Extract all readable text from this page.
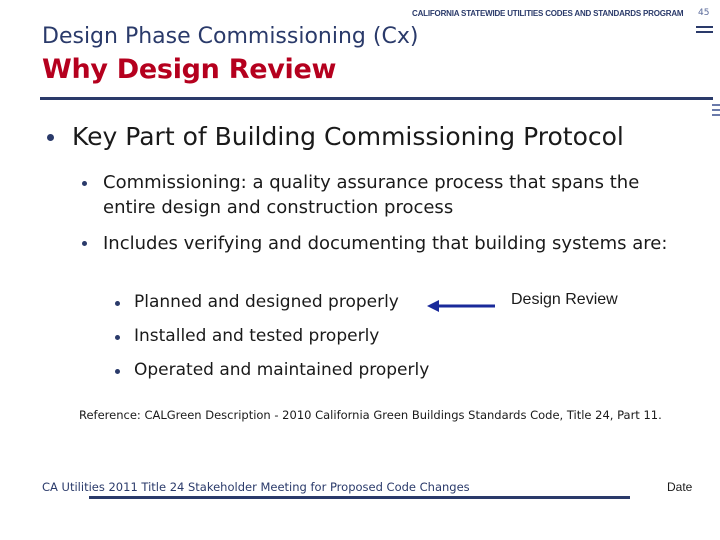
CALIFORNIA STATEWIDE UTILITIES CODES AND STANDARDS PROGRAM 45
Design Phase Commissioning (Cx)
Why Design Review
Key Part of Building Commissioning Protocol
Commissioning: a quality assurance process that spans the entire design and construction process
Includes verifying and documenting that building systems are:
Planned and designed properly
Installed and tested properly
Operated and maintained properly
Design Review
Reference: CALGreen Description - 2010 California Green Buildings Standards Code, Title 24, Part 11.
CA Utilities 2011 Title 24 Stakeholder Meeting for Proposed Code Changes	Date
